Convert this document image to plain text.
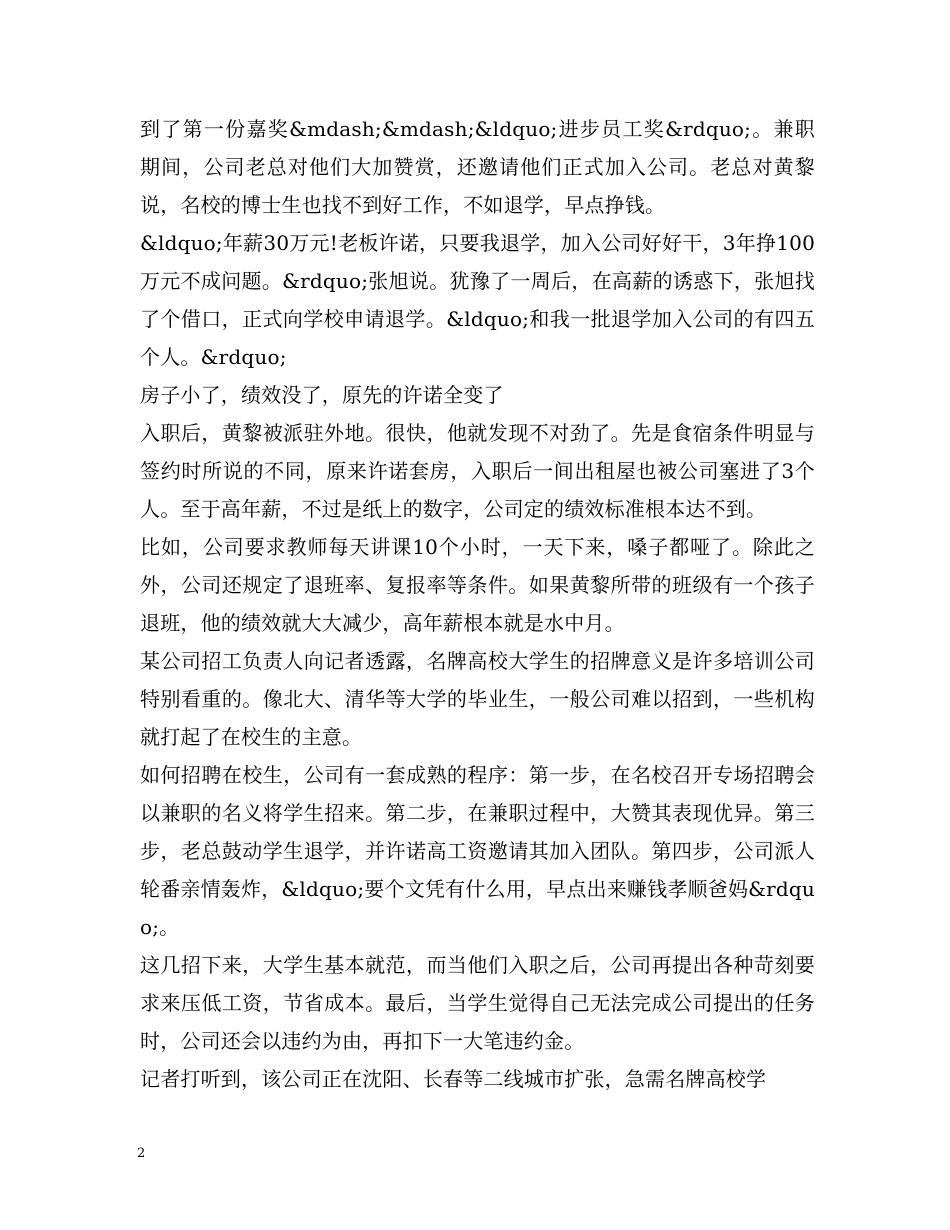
到了第一份嘉奖&mdash;&mdash;&ldquo;进步员工奖&rdquo;。兼职期间，公司老总对他们大加赞赏，还邀请他们正式加入公司。老总对黄黎说，名校的博士生也找不到好工作，不如退学，早点挣钱。

&ldquo;年薪30万元!老板许诺，只要我退学，加入公司好好干，3年挣100万元不成问题。&rdquo;张旭说。犹豫了一周后，在高薪的诱惑下，张旭找了个借口，正式向学校申请退学。&ldquo;和我一批退学加入公司的有四五个人。&rdquo;

房子小了，绩效没了，原先的许诺全变了

入职后，黄黎被派驻外地。很快，他就发现不对劲了。先是食宿条件明显与签约时所说的不同，原来许诺套房，入职后一间出租屋也被公司塞进了3个人。至于高年薪，不过是纸上的数字，公司定的绩效标准根本达不到。

比如，公司要求教师每天讲课10个小时，一天下来，嗓子都哑了。除此之外，公司还规定了退班率、复报率等条件。如果黄黎所带的班级有一个孩子退班，他的绩效就大大减少，高年薪根本就是水中月。

某公司招工负责人向记者透露，名牌高校大学生的招牌意义是许多培训公司特别看重的。像北大、清华等大学的毕业生，一般公司难以招到，一些机构就打起了在校生的主意。

如何招聘在校生，公司有一套成熟的程序：第一步，在名校召开专场招聘会以兼职的名义将学生招来。第二步，在兼职过程中，大赞其表现优异。第三步，老总鼓动学生退学，并许诺高工资邀请其加入团队。第四步，公司派人轮番亲情轰炸，&ldquo;要个文凭有什么用，早点出来赚钱孝顺爸妈&rdquo;。

这几招下来，大学生基本就范，而当他们入职之后，公司再提出各种苛刻要求来压低工资，节省成本。最后，当学生觉得自己无法完成公司提出的任务时，公司还会以违约为由，再扣下一大笔违约金。

记者打听到，该公司正在沈阳、长春等二线城市扩张，急需名牌高校学

2
